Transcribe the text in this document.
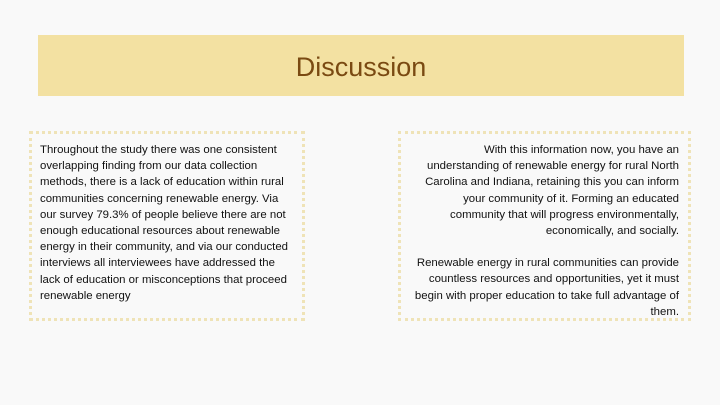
Discussion

Throughout the study there was one consistent overlapping finding from our data collection methods, there is a lack of education within rural communities concerning renewable energy. Via our survey 79.3% of people believe there are not enough educational resources about renewable energy in their community, and via our conducted interviews all interviewees have addressed the lack of education or misconceptions that proceed renewable energy

With this information now, you have an understanding of renewable energy for rural North Carolina and Indiana, retaining this you can inform your community of it. Forming an educated community that will progress environmentally, economically, and socially.

Renewable energy in rural communities can provide countless resources and opportunities, yet it must begin with proper education to take full advantage of them.
